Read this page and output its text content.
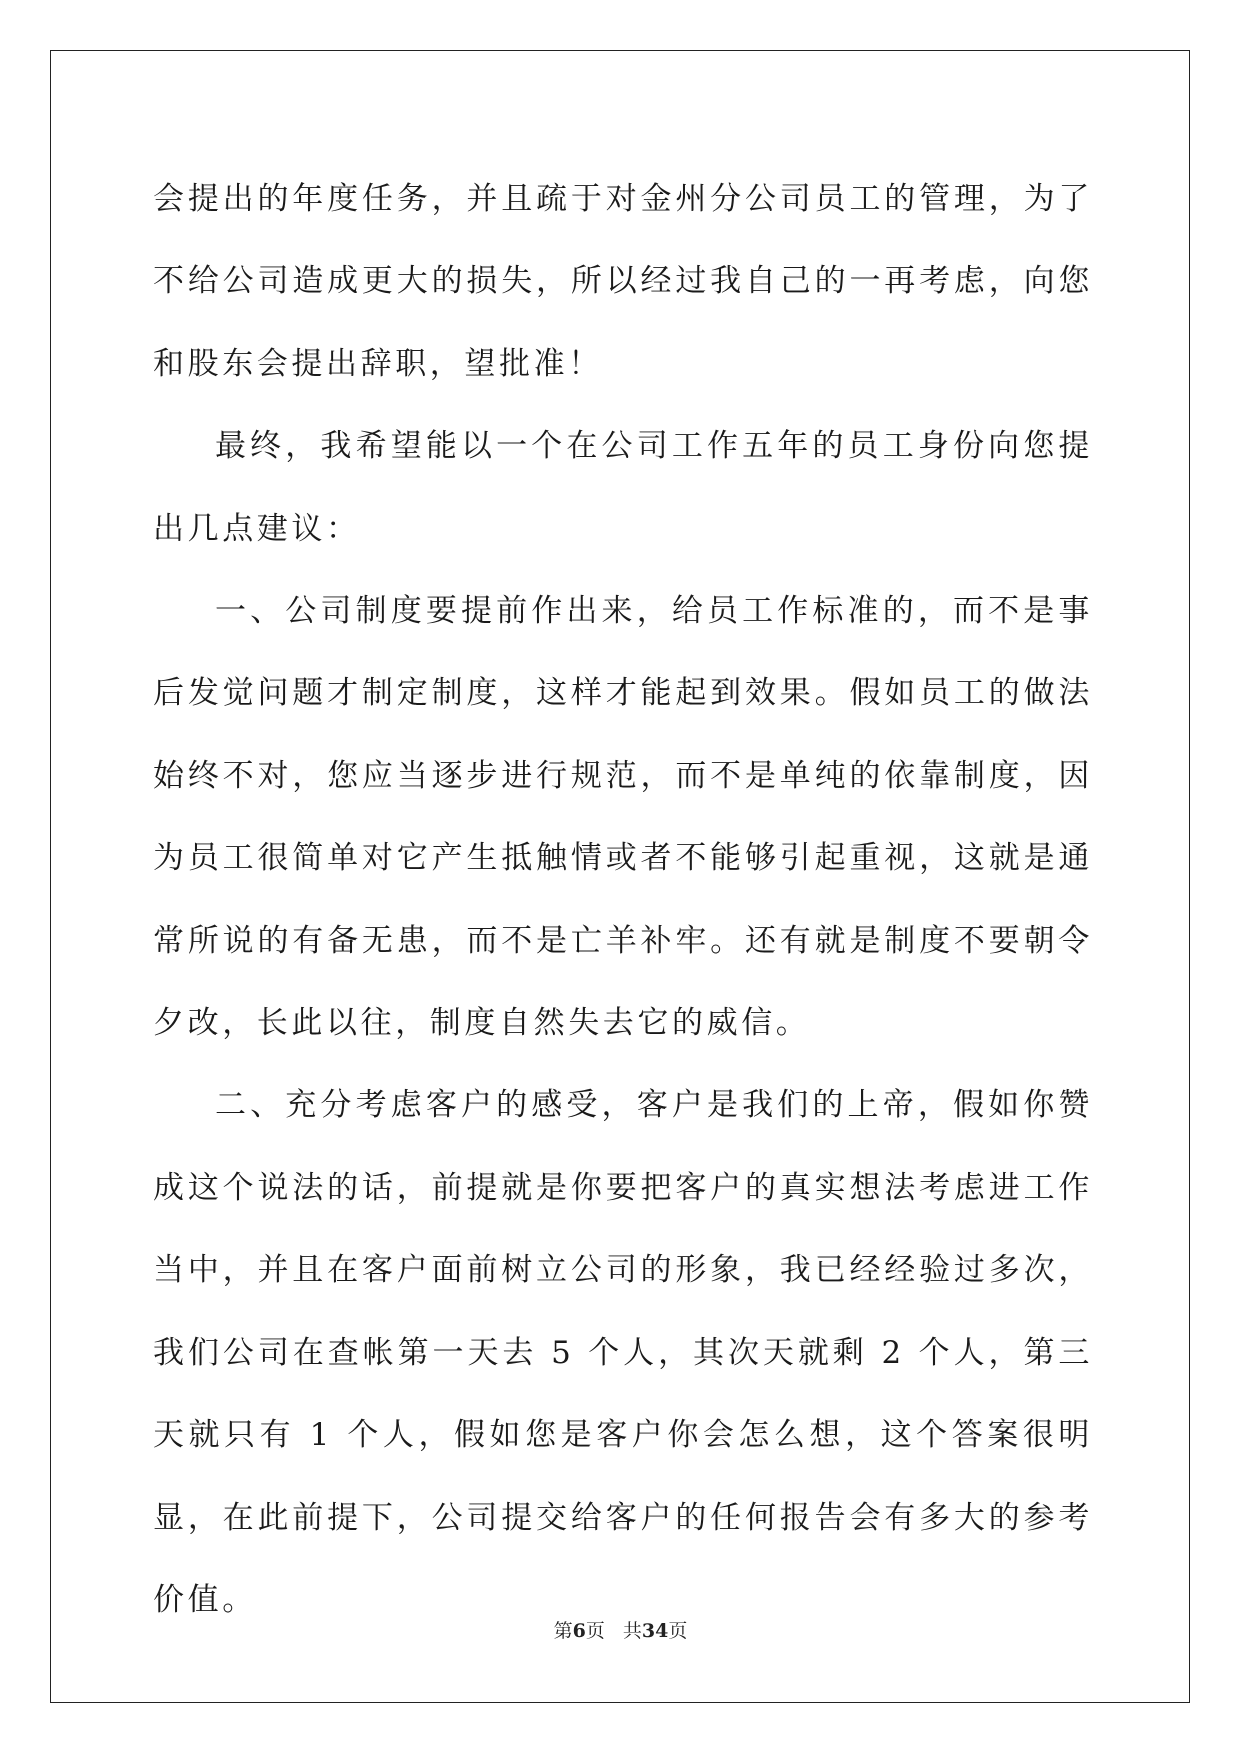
会提出的年度任务，并且疏于对金州分公司员工的管理，为了不给公司造成更大的损失，所以经过我自己的一再考虑，向您和股东会提出辞职，望批准！

最终，我希望能以一个在公司工作五年的员工身份向您提出几点建议：

一、公司制度要提前作出来，给员工作标准的，而不是事后发觉问题才制定制度，这样才能起到效果。假如员工的做法始终不对，您应当逐步进行规范，而不是单纯的依靠制度，因为员工很简单对它产生抵触情或者不能够引起重视，这就是通常所说的有备无患，而不是亡羊补牢。还有就是制度不要朝令夕改，长此以往，制度自然失去它的威信。

二、充分考虑客户的感受，客户是我们的上帝，假如你赞成这个说法的话，前提就是你要把客户的真实想法考虑进工作当中，并且在客户面前树立公司的形象，我已经经验过多次，我们公司在查帐第一天去 5 个人，其次天就剩 2 个人，第三天就只有 1 个人，假如您是客户你会怎么想，这个答案很明显，在此前提下，公司提交给客户的任何报告会有多大的参考价值。

第6页 共34页
